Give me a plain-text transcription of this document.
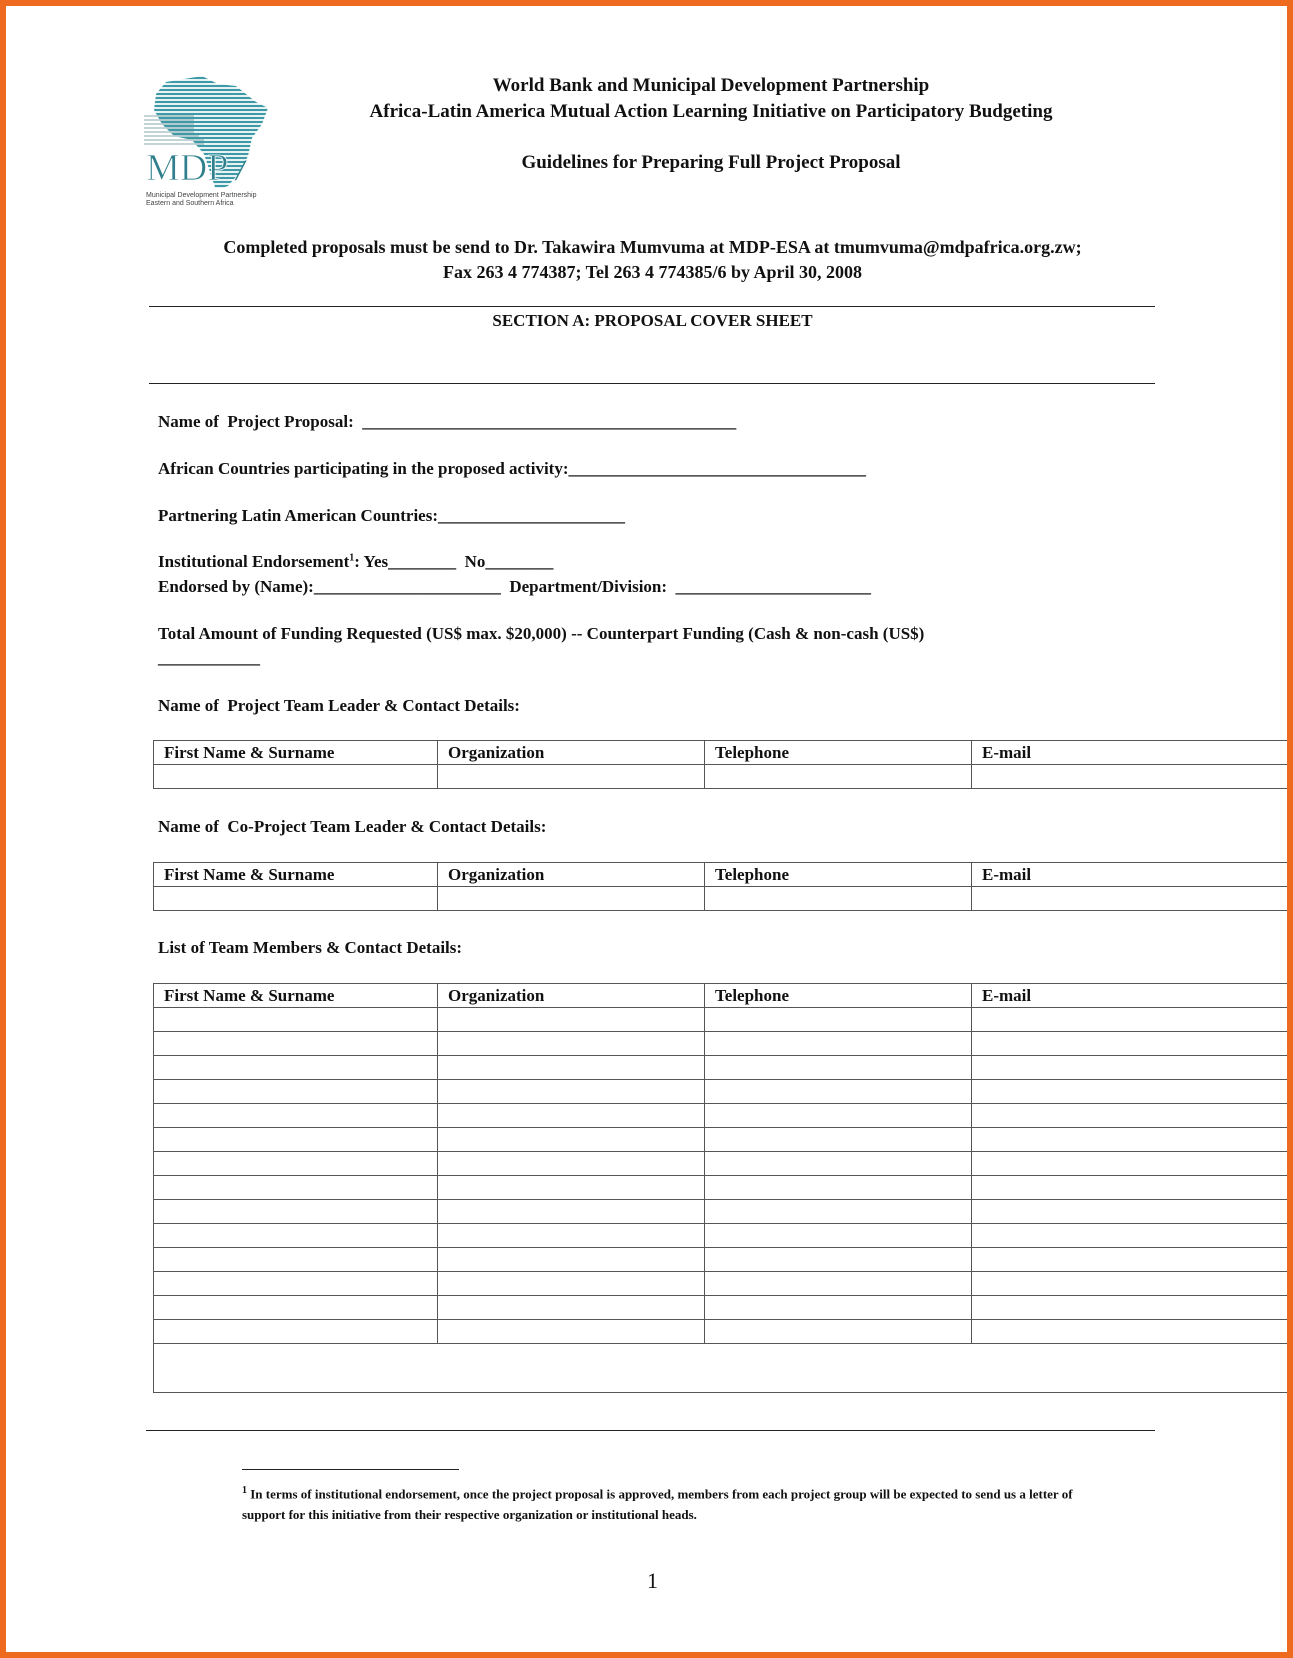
MDP /
Municipal Development Partnership
Eastern and Southern Africa
World Bank and Municipal Development Partnership
Africa-Latin America Mutual Action Learning Initiative on Participatory Budgeting
Guidelines for Preparing Full Project Proposal
Completed proposals must be send to Dr. Takawira Mumvuma at MDP-ESA at tmumvuma@mdpafrica.org.zw;
Fax 263 4 774387; Tel 263 4 774385/6 by April 30, 2008
SECTION A: PROPOSAL COVER SHEET
Name of  Project Proposal:  ____________________________________________
African Countries participating in the proposed activity:___________________________________
Partnering Latin American Countries:______________________
Institutional Endorsement$^1$: Yes________  No________
Endorsed by (Name):______________________  Department/Division:  _______________________
Total Amount of Funding Requested (US$ max. $20,000) -- Counterpart Funding (Cash & non-cash (US$)
____________
Name of  Project Team Leader & Contact Details:
First Name & Surname	Organization	Telephone	E-mail

Name of  Co-Project Team Leader & Contact Details:
First Name & Surname	Organization	Telephone	E-mail

List of Team Members & Contact Details:
First Name & Surname	Organization	Telephone	E-mail

$^1$ In terms of institutional endorsement, once the project proposal is approved, members from each project group will be expected to send us a letter of support for this initiative from their respective organization or institutional heads.
1
